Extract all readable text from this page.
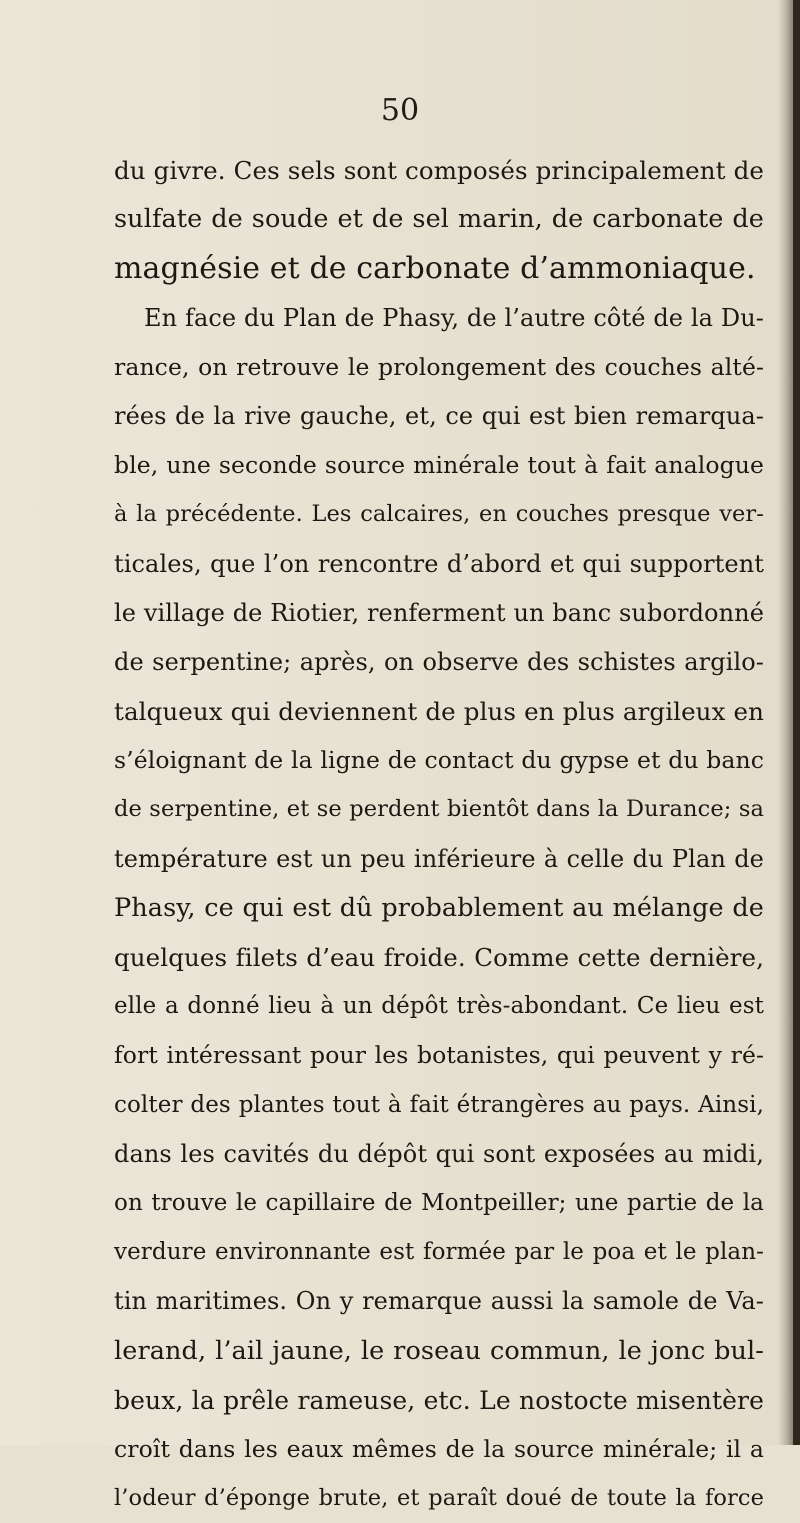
50
du givre. Ces sels sont composés principalement de
sulfate de soude et de sel marin, de carbonate de
magnésie et de carbonate d’ammoniaque.
En face du Plan de Phasy, de l’autre côté de la Du-
rance, on retrouve le prolongement des couches alté-
rées de la rive gauche, et, ce qui est bien remarqua-
ble, une seconde source minérale tout à fait analogue
à la précédente. Les calcaires, en couches presque ver-
ticales, que l’on rencontre d’abord et qui supportent
le village de Riotier, renferment un banc subordonné
de serpentine; après, on observe des schistes argilo-
talqueux qui deviennent de plus en plus argileux en
s’éloignant de la ligne de contact du gypse et du banc
de serpentine, et se perdent bientôt dans la Durance; sa
température est un peu inférieure à celle du Plan de
Phasy, ce qui est dû probablement au mélange de
quelques filets d’eau froide. Comme cette dernière,
elle a donné lieu à un dépôt très-abondant. Ce lieu est
fort intéressant pour les botanistes, qui peuvent y ré-
colter des plantes tout à fait étrangères au pays. Ainsi,
dans les cavités du dépôt qui sont exposées au midi,
on trouve le capillaire de Montpeiller; une partie de la
verdure environnante est formée par le poa et le plan-
tin maritimes. On y remarque aussi la samole de Va-
lerand, l’ail jaune, le roseau commun, le jonc bul-
beux, la prêle rameuse, etc. Le nostocte misentère
croît dans les eaux mêmes de la source minérale; il a
l’odeur d’éponge brute, et paraît doué de toute la force
